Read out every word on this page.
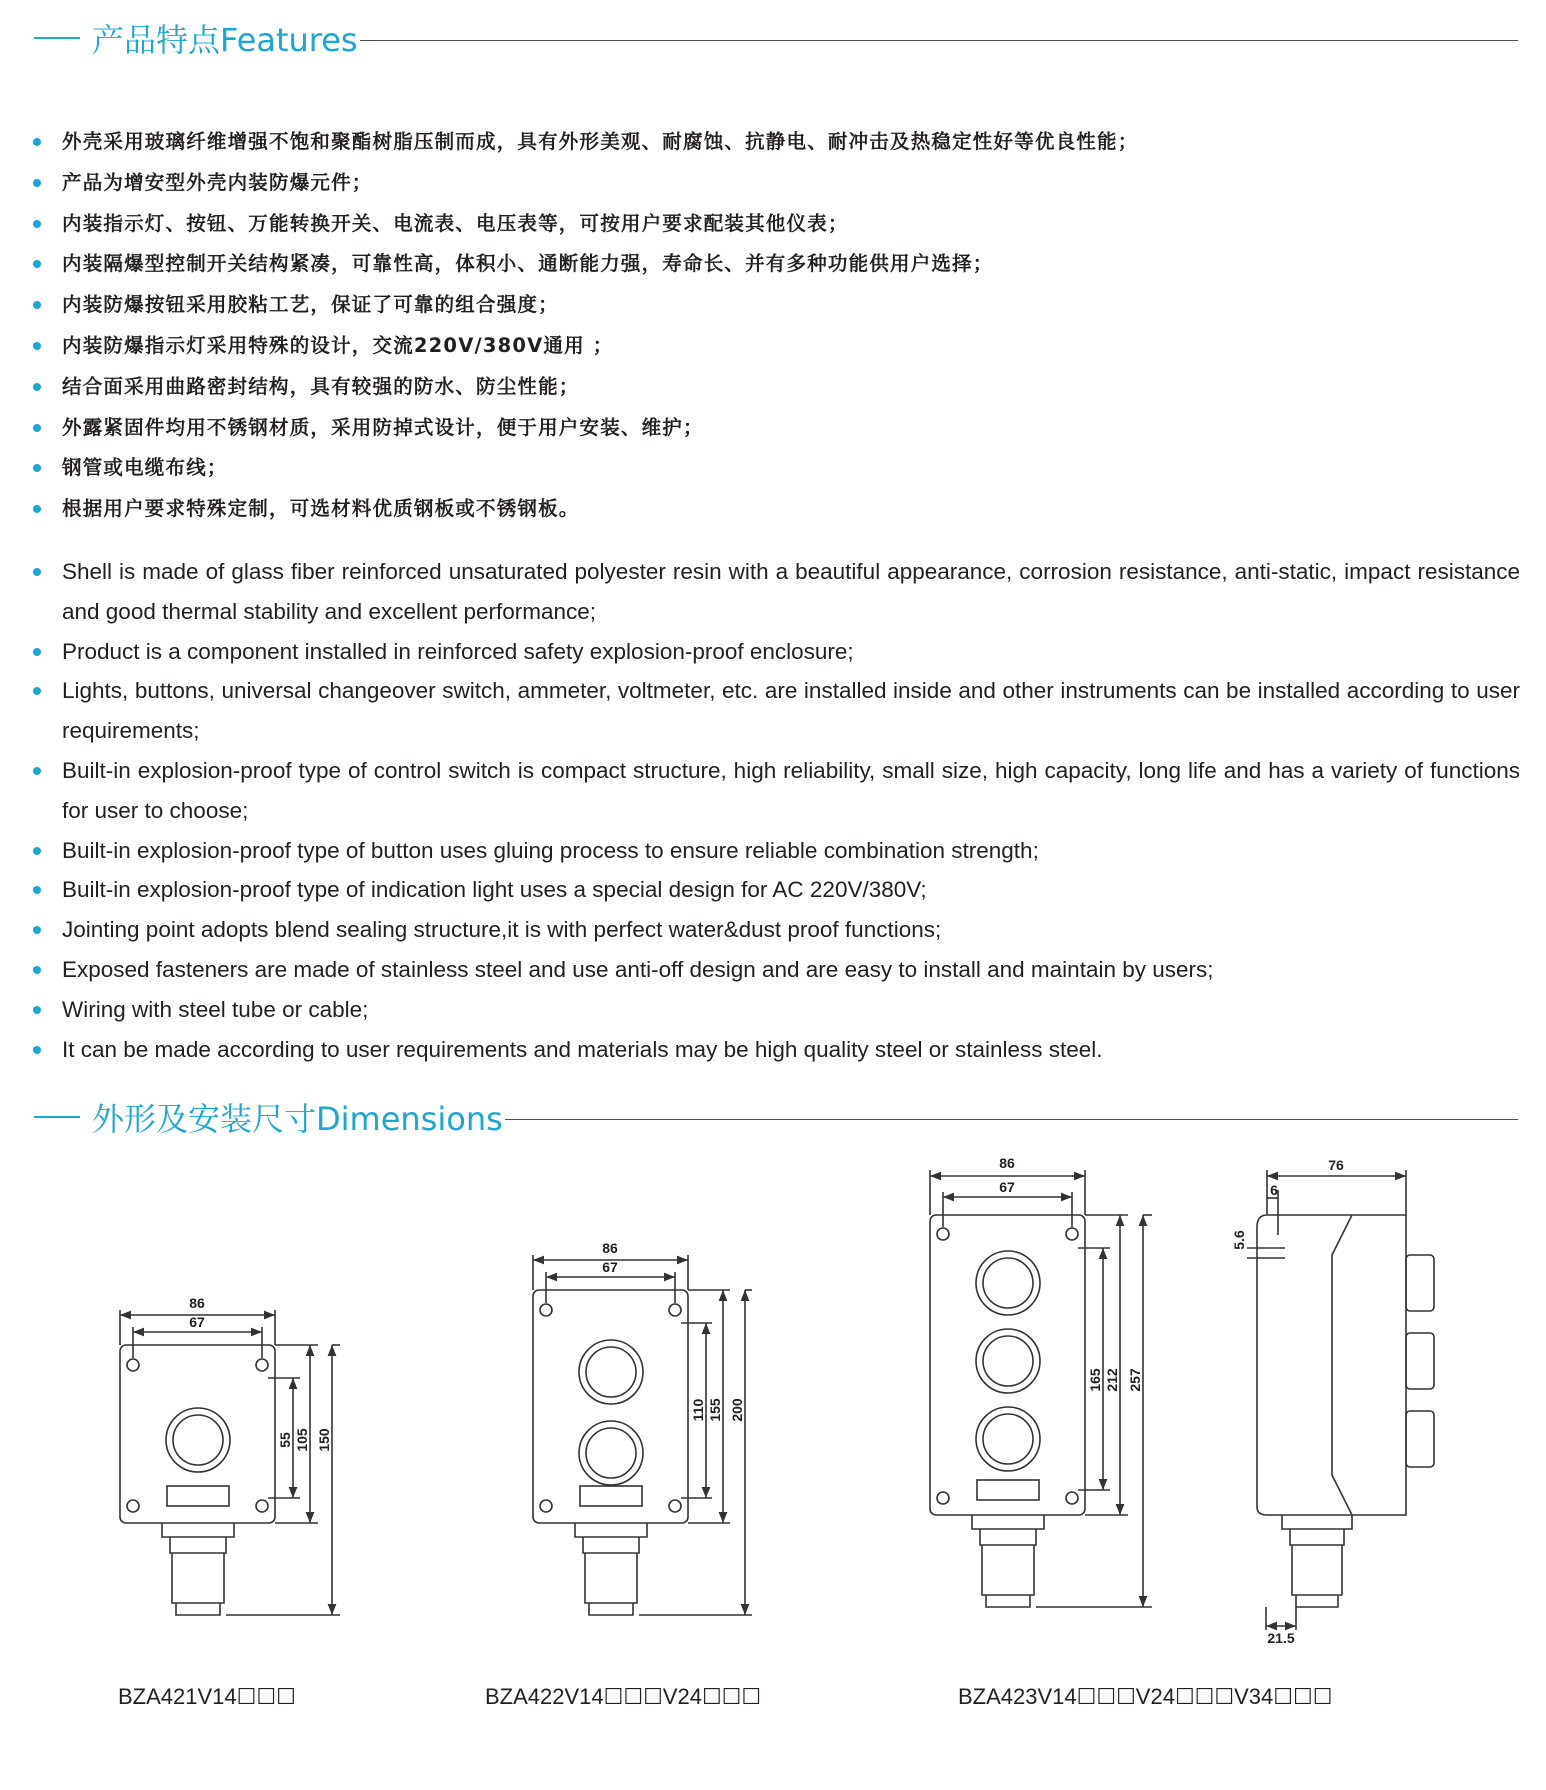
产品特点Features
外壳采用玻璃纤维增强不饱和聚酯树脂压制而成，具有外形美观、耐腐蚀、抗静电、耐冲击及热稳定性好等优良性能；
产品为增安型外壳内装防爆元件；
内装指示灯、按钮、万能转换开关、电流表、电压表等，可按用户要求配装其他仪表；
内装隔爆型控制开关结构紧凑，可靠性高，体积小、通断能力强，寿命长、并有多种功能供用户选择；
内装防爆按钮采用胶粘工艺，保证了可靠的组合强度；
内装防爆指示灯采用特殊的设计，交流220V/380V通用 ；
结合面采用曲路密封结构，具有较强的防水、防尘性能；
外露紧固件均用不锈钢材质，采用防掉式设计，便于用户安装、维护；
钢管或电缆布线；
根据用户要求特殊定制，可选材料优质钢板或不锈钢板。
Shell is made of glass fiber reinforced unsaturated polyester resin with a beautiful appearance, corrosion resistance, anti-static, impact resistance and good thermal stability and excellent performance;
Product is a component installed in reinforced safety explosion-proof enclosure;
Lights, buttons, universal changeover switch, ammeter, voltmeter, etc. are installed inside and other instruments can be installed according to user requirements;
Built-in explosion-proof type of control switch is compact structure, high reliability, small size, high capacity, long life and has a variety of functions for user to choose;
Built-in explosion-proof type of button uses gluing process to ensure reliable combination strength;
Built-in explosion-proof type of indication light uses a special design for AC 220V/380V;
Jointing point adopts blend sealing structure,it is with perfect water&dust proof functions;
Exposed fasteners are made of stainless steel and use anti-off design and are easy to install and maintain by users;
Wiring with steel tube or cable;
It can be made according to user requirements and materials may be high quality steel or stainless steel.
外形及安装尺寸Dimensions
86
67
55 105 150
86
67
110 155 200
86
67
165 212 257
76
6
5.6
21.5
BZA421V14☐☐☐	BZA422V14☐☐☐V24☐☐☐	BZA423V14☐☐☐V24☐☐☐V34☐☐☐
